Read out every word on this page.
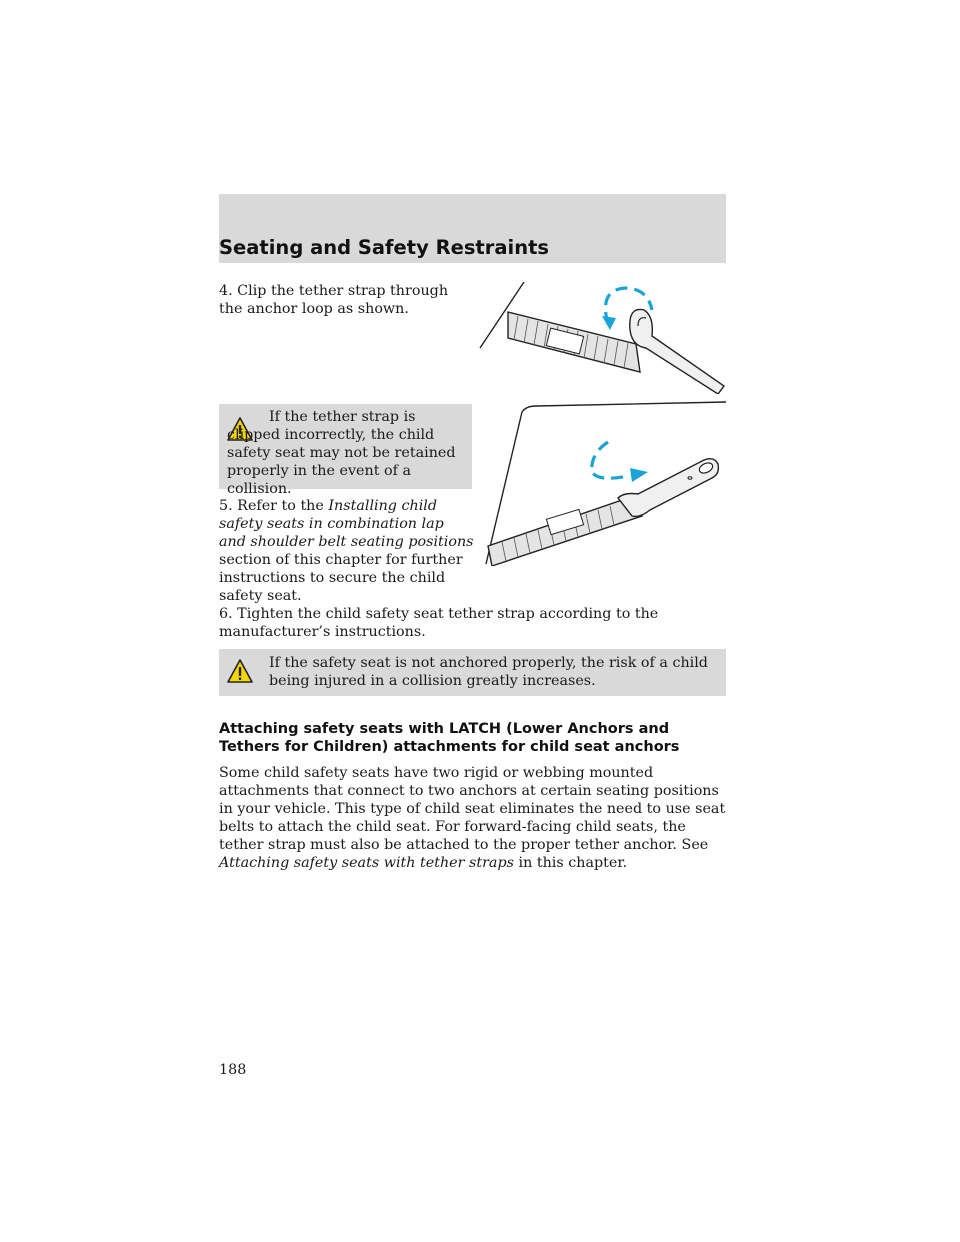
Seating and Safety Restraints

4. Clip the tether strap through the anchor loop as shown.

If the tether strap is clipped incorrectly, the child safety seat may not be retained properly in the event of a collision.

5. Refer to the Installing child safety seats in combination lap and shoulder belt seating positions section of this chapter for further instructions to secure the child safety seat.

6. Tighten the child safety seat tether strap according to the manufacturer’s instructions.

If the safety seat is not anchored properly, the risk of a child being injured in a collision greatly increases.

Attaching safety seats with LATCH (Lower Anchors and Tethers for Children) attachments for child seat anchors

Some child safety seats have two rigid or webbing mounted attachments that connect to two anchors at certain seating positions in your vehicle. This type of child seat eliminates the need to use seat belts to attach the child seat. For forward-facing child seats, the tether strap must also be attached to the proper tether anchor. See Attaching safety seats with tether straps in this chapter.

188
